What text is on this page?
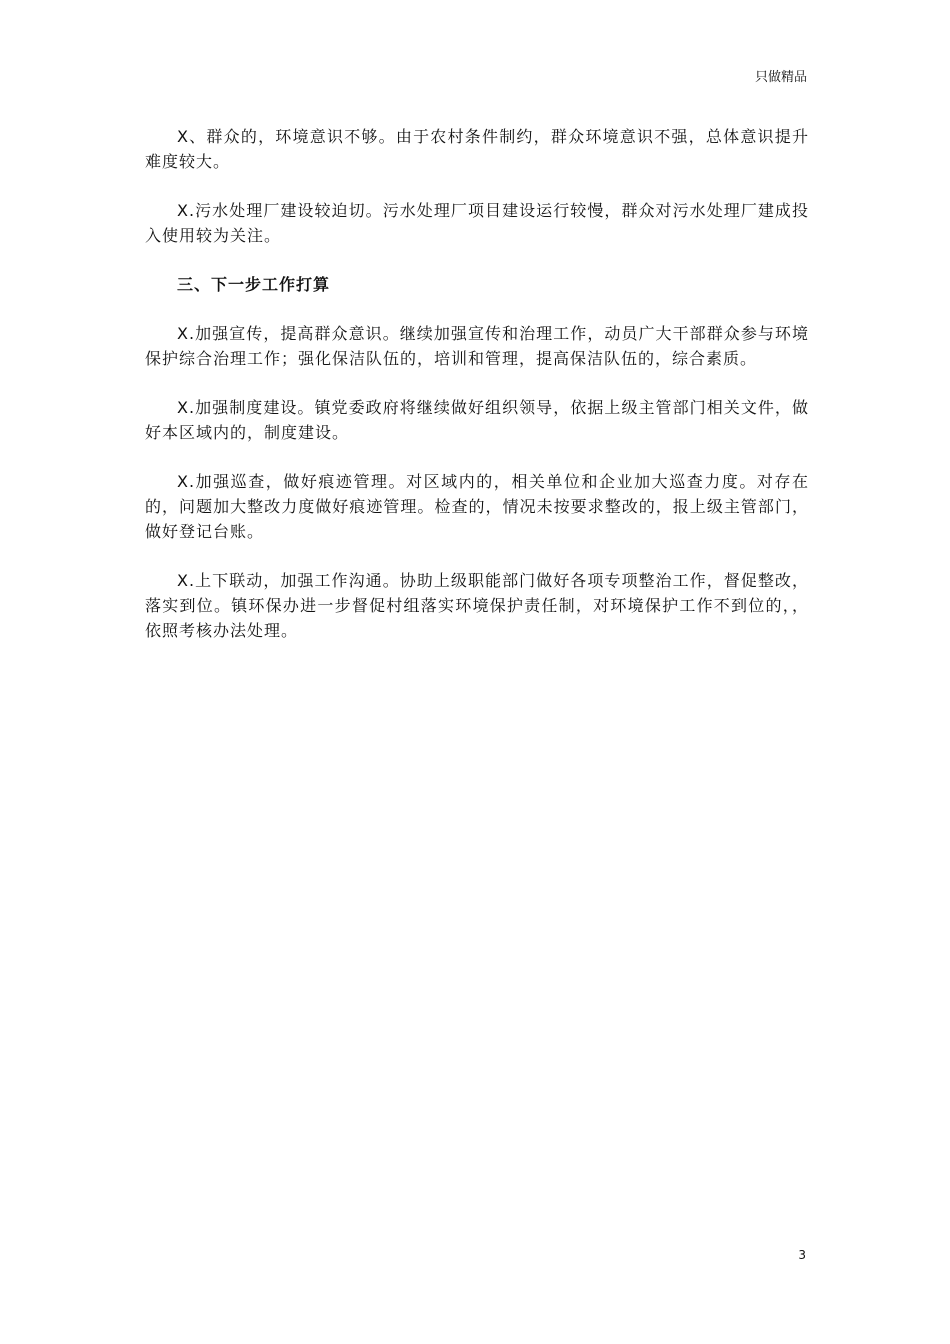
只做精品

X、群众的，环境意识不够。由于农村条件制约，群众环境意识不强，总体意识提升难度较大。

X.污水处理厂建设较迫切。污水处理厂项目建设运行较慢，群众对污水处理厂建成投入使用较为关注。

三、下一步工作打算

X.加强宣传，提高群众意识。继续加强宣传和治理工作，动员广大干部群众参与环境保护综合治理工作；强化保洁队伍的，培训和管理，提高保洁队伍的，综合素质。

X.加强制度建设。镇党委政府将继续做好组织领导，依据上级主管部门相关文件，做好本区域内的，制度建设。

X.加强巡查，做好痕迹管理。对区域内的，相关单位和企业加大巡查力度。对存在的，问题加大整改力度做好痕迹管理。检查的，情况未按要求整改的，报上级主管部门，做好登记台账。

X.上下联动，加强工作沟通。协助上级职能部门做好各项专项整治工作，督促整改，落实到位。镇环保办进一步督促村组落实环境保护责任制，对环境保护工作不到位的，，依照考核办法处理。

3
